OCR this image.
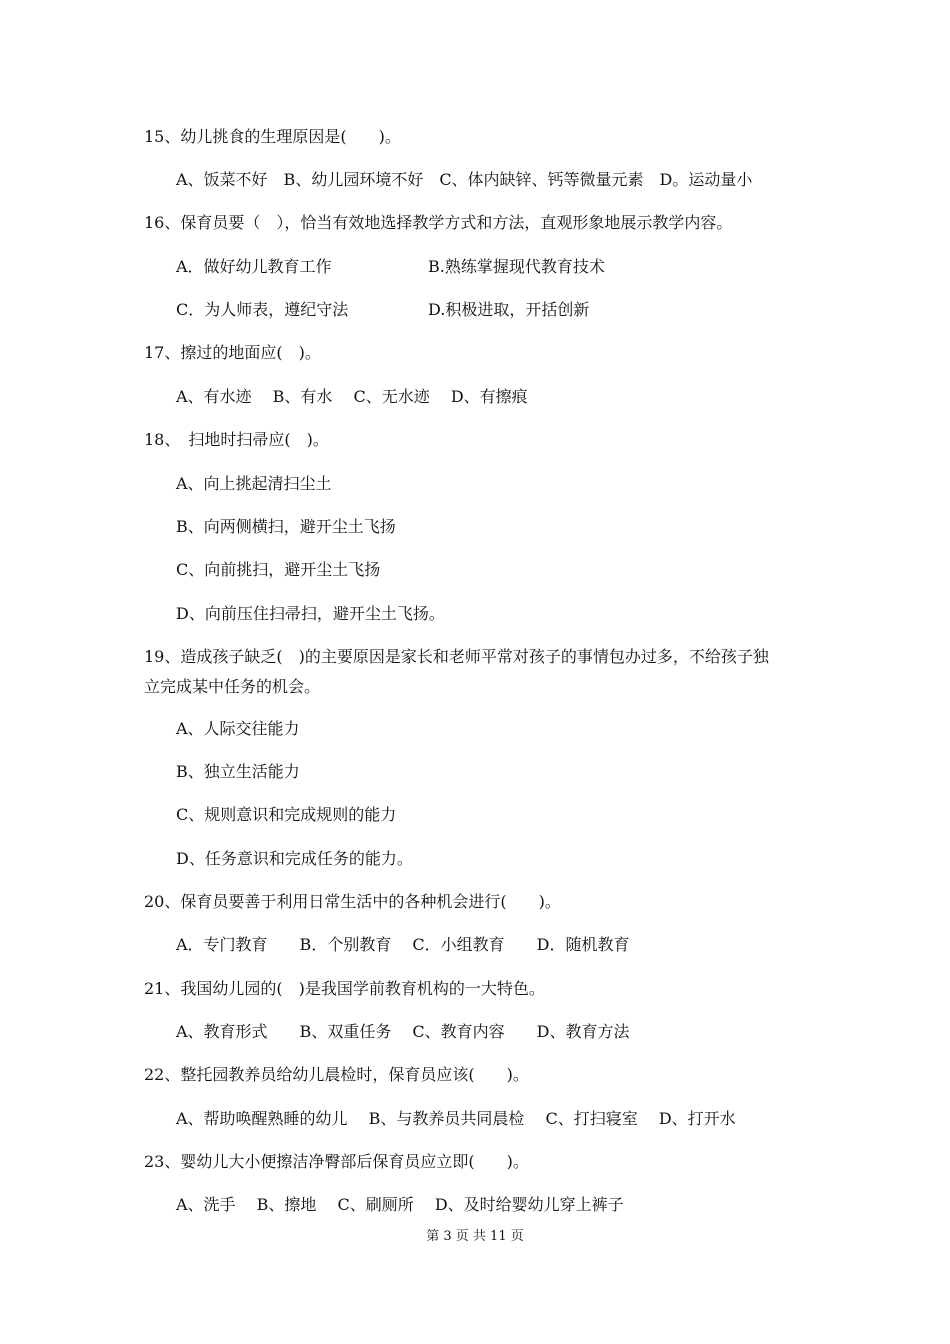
15、幼儿挑食的生理原因是(　　)。
A、饭菜不好　B、幼儿园环境不好　C、体内缺锌、钙等微量元素　D。运动量小
16、保育员要（　），恰当有效地选择教学方式和方法，直观形象地展示教学内容。
A．做好幼儿教育工作	B.熟练掌握现代教育技术
C．为人师表，遵纪守法	D.积极进取，开括创新
17、擦过的地面应(　)。
A、有水迹　 B、有水　 C、无水迹　 D、有擦痕
18、　扫地时扫帚应(　)。
A、向上挑起清扫尘土
B、向两侧横扫，避开尘土飞扬
C、向前挑扫，避开尘土飞扬
D、向前压住扫帚扫，避开尘土飞扬。
19、造成孩子缺乏(　)的主要原因是家长和老师平常对孩子的事情包办过多，不给孩子独
立完成某中任务的机会。
A、人际交往能力
B、独立生活能力
C、规则意识和完成规则的能力
D、任务意识和完成任务的能力。
20、保育员要善于利用日常生活中的各种机会进行(　　)。
A．专门教育　　B．个别教育　 C．小组教育　　D．随机教育
21、我国幼儿园的(　)是我国学前教育机构的一大特色。
A、教育形式　　B、双重任务　 C、教育内容　　D、教育方法
22、整托园教养员给幼儿晨检时，保育员应该(　　)。
A、帮助唤醒熟睡的幼儿　 B、与教养员共同晨检　 C、打扫寝室　 D、打开水
23、婴幼儿大小便擦洁净臀部后保育员应立即(　　)。
A、洗手　 B、擦地　 C、刷厕所　 D、及时给婴幼儿穿上裤子
第 3 页 共 11 页
